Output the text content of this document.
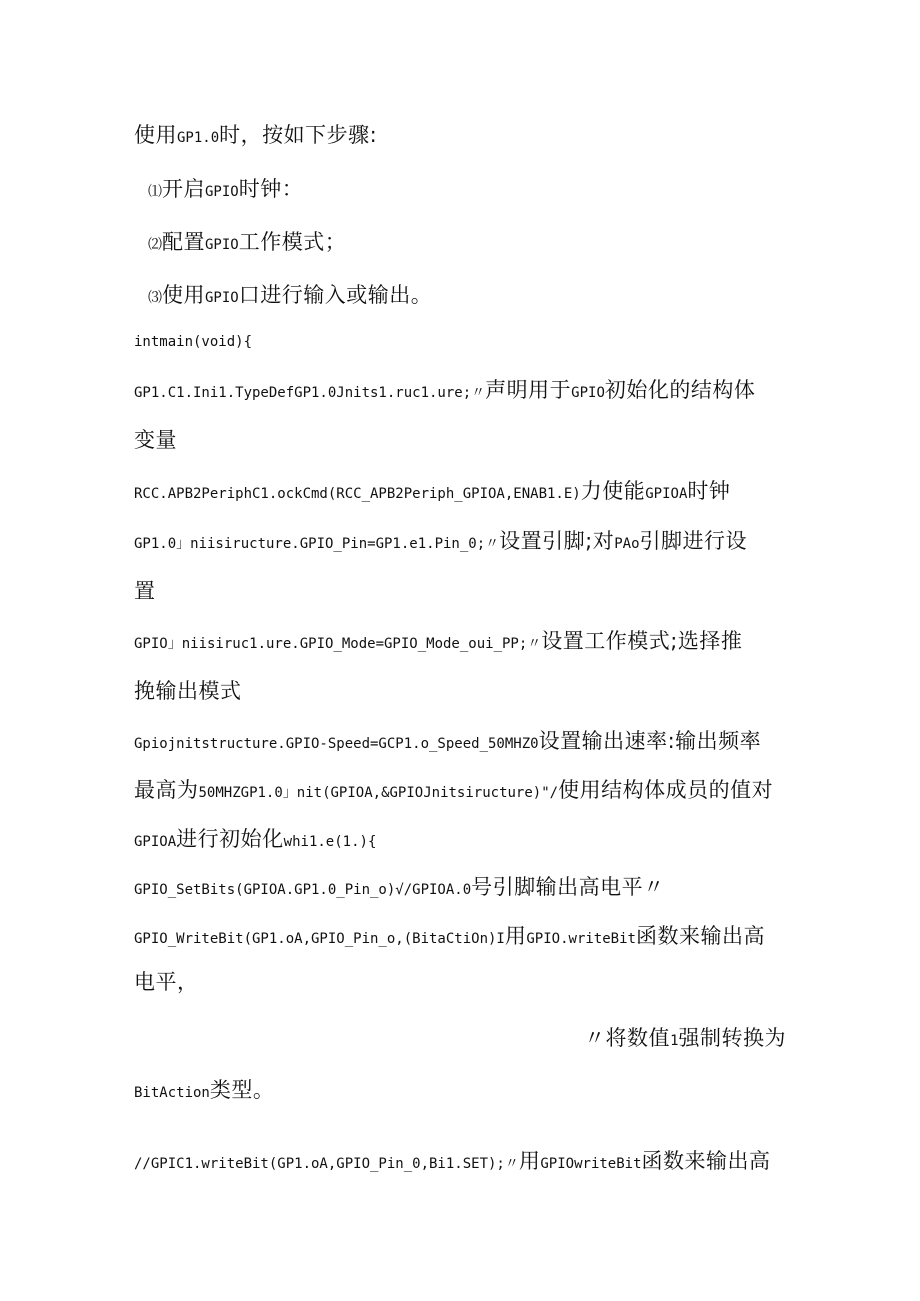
使用GP1.0时，按如下步骤:
⑴开启GPIO时钟：
⑵配置GPIO工作模式；
⑶使用GPIO口进行输入或输出。
intmain(void){
GP1.C1.Ini1.TypeDefGP1.0Jnits1.ruc1.ure;〃声明用于GPIO初始化的结构体
变量
RCC.APB2PeriphC1.ockCmd(RCC_APB2Periph_GPIOA,ENAB1.E)力使能GPIOA时钟
GP1.0」niisiructure.GPIO_Pin=GP1.e1.Pin_0;〃设置引脚;对PAo引脚进行设
置
GPIO」niisiruc1.ure.GPIO_Mode=GPIO_Mode_oui_PP;〃设置工作模式;选择推
挽输出模式
Gpiojnitstructure.GPIO-Speed=GCP1.o_Speed_50MHZ0设置输出速率:输出频率
最高为50MHZGP1.0」nit(GPIOA,&GPIOJnitsiructure)"/使用结构体成员的值对
GPIOA进行初始化whi1.e(1.){
GPIO_SetBits(GPIOA.GP1.0_Pin_o)√/GPIOA.0号引脚输出高电平〃
GPIO_WriteBit(GP1.oA,GPIO_Pin_o,(BitaCtiOn)I用GPIO.writeBit函数来输出高
电平，
〃将数值1强制转换为
BitAction类型。
//GPIC1.writeBit(GP1.oA,GPIO_Pin_0,Bi1.SET);〃用GPIOwriteBit函数来输出高
